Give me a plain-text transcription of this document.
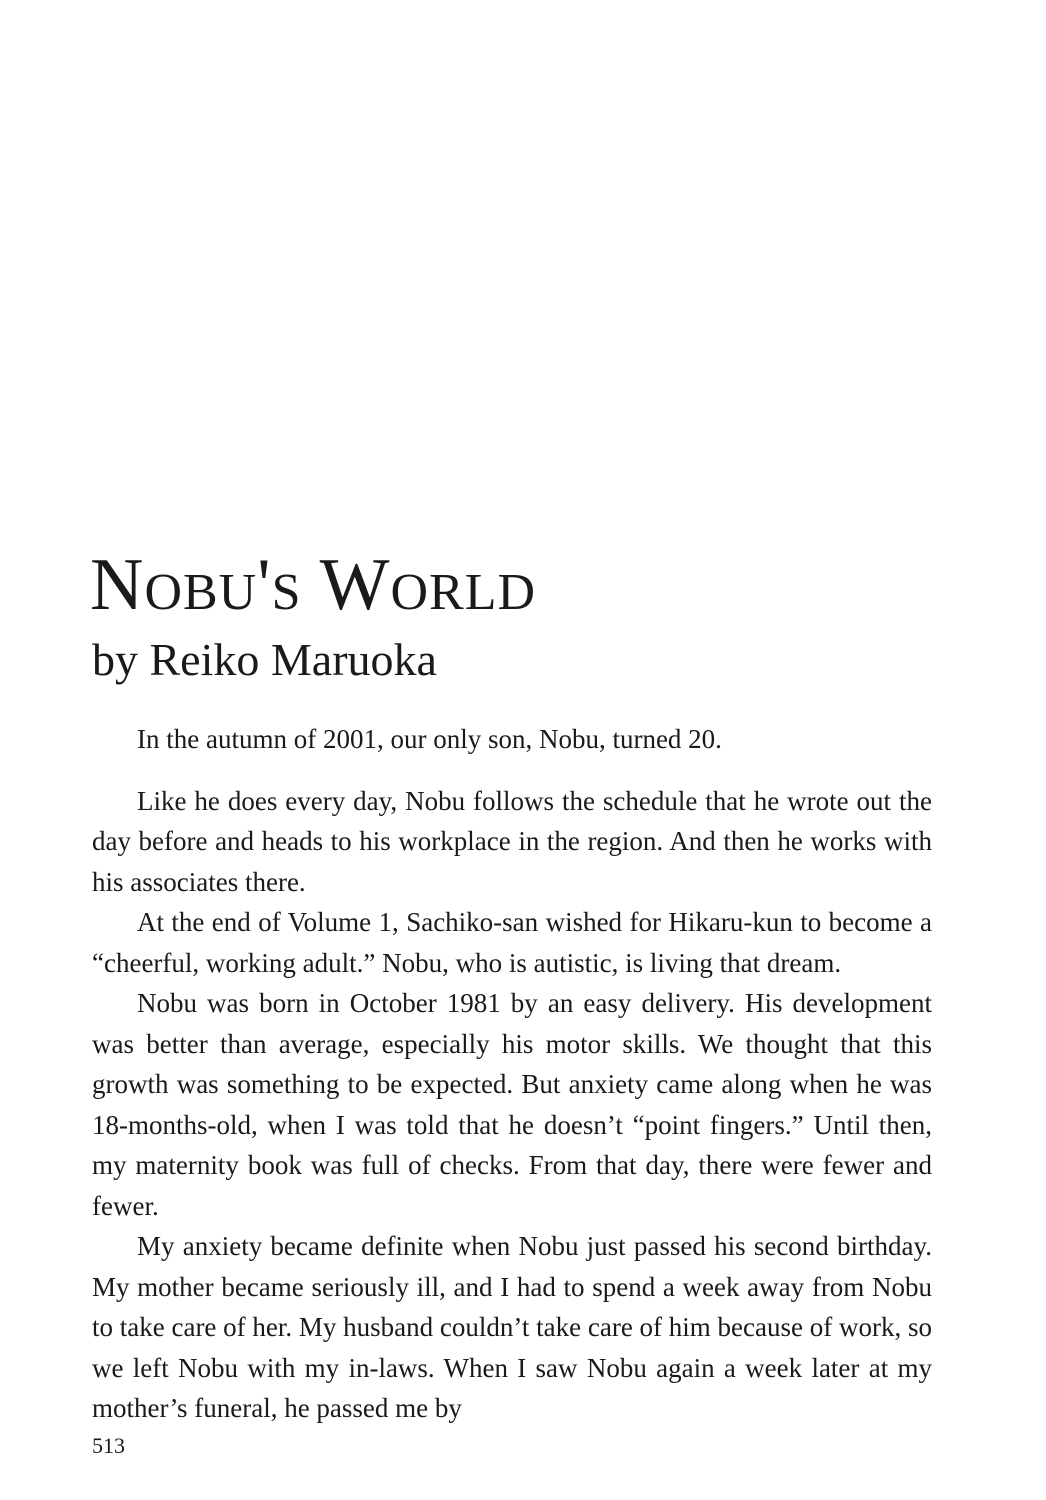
Nobu's World
by Reiko Maruoka

In the autumn of 2001, our only son, Nobu, turned 20.

Like he does every day, Nobu follows the schedule that he wrote out the day before and heads to his workplace in the region. And then he works with his associates there.

At the end of Volume 1, Sachiko-san wished for Hikaru-kun to become a “cheerful, working adult.” Nobu, who is autistic, is living that dream.

Nobu was born in October 1981 by an easy delivery. His development was better than average, especially his motor skills. We thought that this growth was something to be expected. But anxiety came along when he was 18-months-old, when I was told that he doesn’t “point fingers.” Until then, my maternity book was full of checks. From that day, there were fewer and fewer.

My anxiety became definite when Nobu just passed his second birthday. My mother became seriously ill, and I had to spend a week away from Nobu to take care of her. My husband couldn’t take care of him because of work, so we left Nobu with my in-laws. When I saw Nobu again a week later at my mother’s funeral, he passed me by

513
